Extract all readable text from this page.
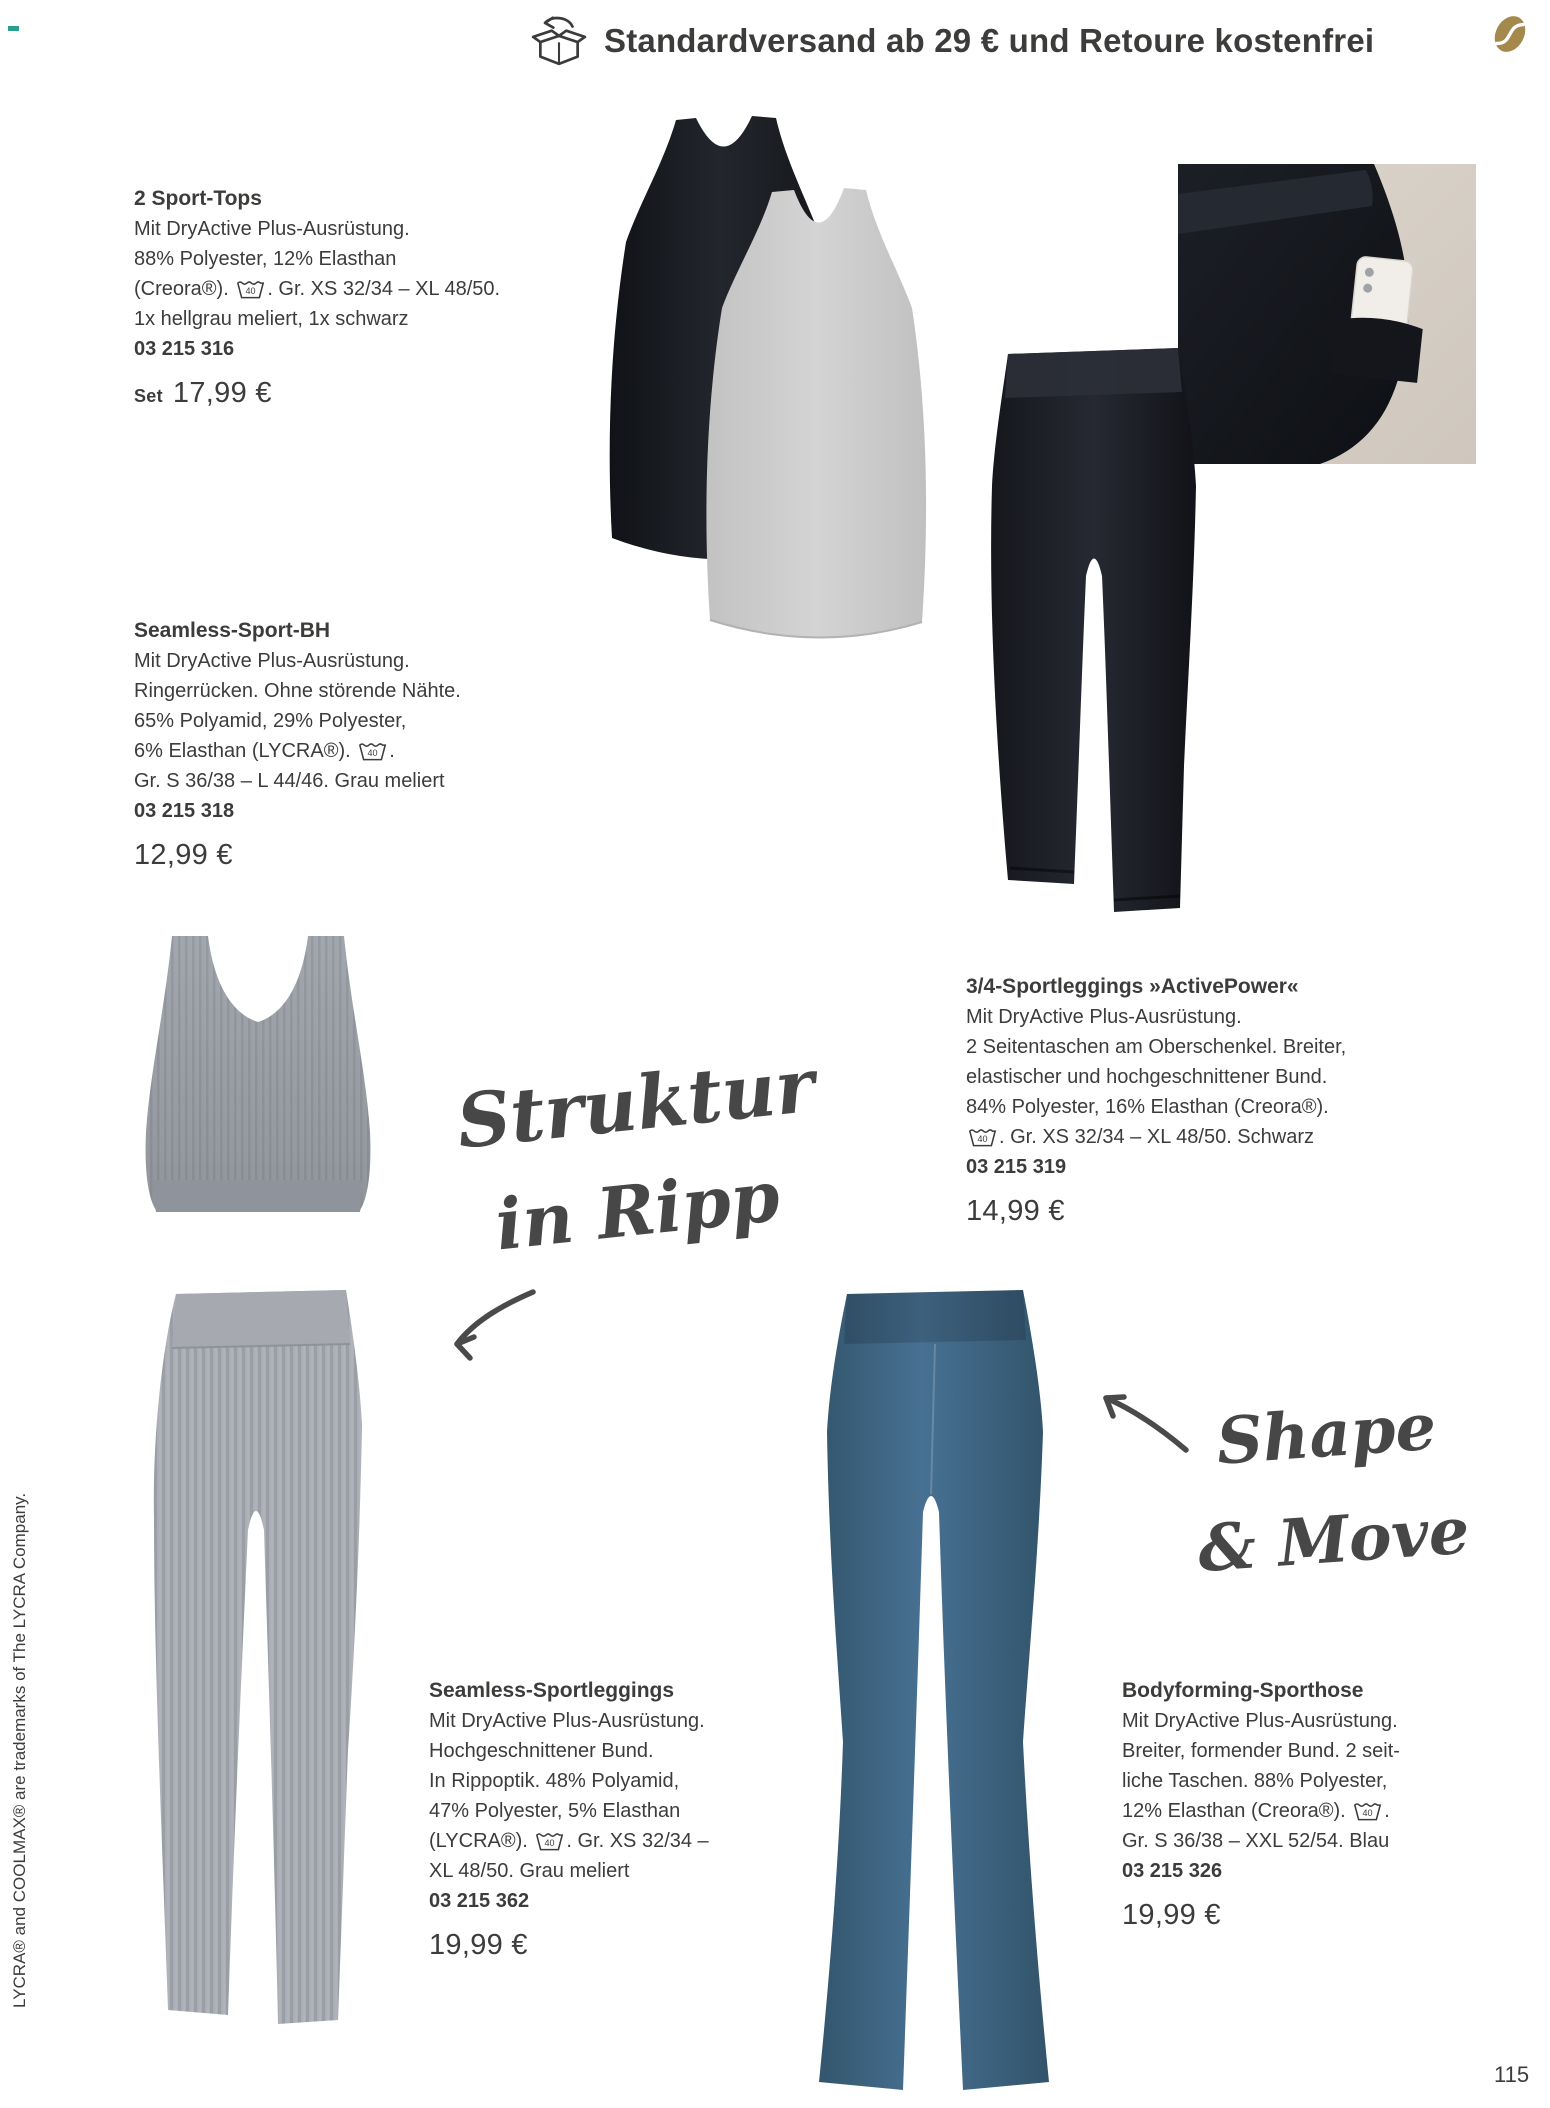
Standardversand ab 29 € und Retoure kostenfrei
LYCRA® and COOLMAX® are trademarks of The LYCRA Company.
Struktur
in Ripp
Shape
& Move
2 Sport-Tops

Mit DryActive Plus-Ausrüstung.

88% Polyester, 12% Elasthan

(Creora®). 40 . Gr. XS 32/34 – XL 48/50.

1x hellgrau meliert, 1x schwarz

03 215 316

Set 17,99 €

Seamless-Sport-BH

Mit DryActive Plus-Ausrüstung.

Ringerrücken. Ohne störende Nähte.

65% Polyamid, 29% Polyester,

6% Elasthan (LYCRA®). 40 .

Gr. S 36/38 – L 44/46. Grau meliert

03 215 318

12,99 €

3/4-Sportleggings »ActivePower«

Mit DryActive Plus-Ausrüstung.

2 Seitentaschen am Oberschenkel. Breiter,

elastischer und hochgeschnittener Bund.

84% Polyester, 16% Elasthan (Creora®).

40 . Gr. XS 32/34 – XL 48/50. Schwarz

03 215 319

14,99 €

Seamless-Sportleggings

Mit DryActive Plus-Ausrüstung.

Hochgeschnittener Bund.

In Rippoptik. 48% Polyamid,

47% Polyester, 5% Elasthan

(LYCRA®). 40 . Gr. XS 32/34 –

XL 48/50. Grau meliert

03 215 362

19,99 €

Bodyforming-Sporthose

Mit DryActive Plus-Ausrüstung.

Breiter, formender Bund. 2 seit-

liche Taschen. 88% Polyester,

12% Elasthan (Creora®). 40 .

Gr. S 36/38 – XXL 52/54. Blau

03 215 326

19,99 €

115
